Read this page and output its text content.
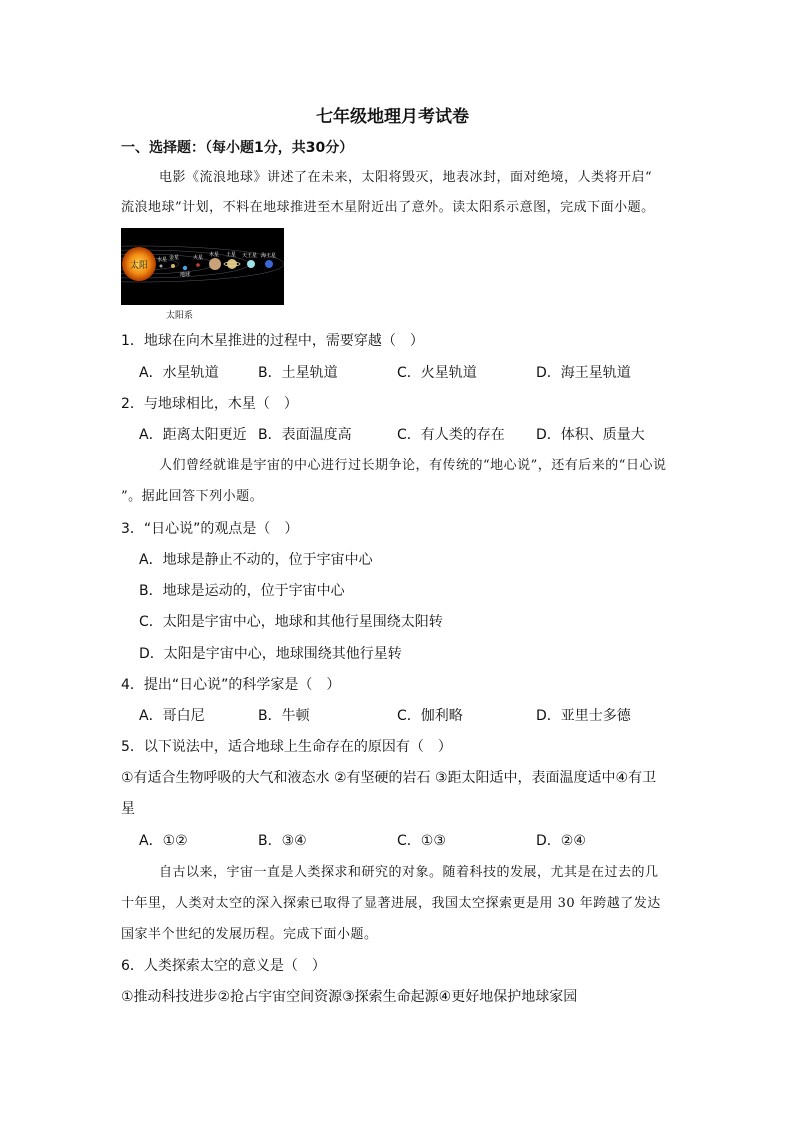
七年级地理月考试卷
一、选择题：（每小题1分，共30分）
电影《流浪地球》讲述了在未来，太阳将毁灭，地表冰封，面对绝境，人类将开启“
流浪地球”计划，不料在地球推进至木星附近出了意外。读太阳系示意图，完成下面小题。
太阳
水星 金星
地球
火星 木星 土星 天王星 海王星
太阳系
1．地球在向木星推进的过程中，需要穿越（　）
A．水星轨道	B．土星轨道	C．火星轨道	D．海王星轨道
2．与地球相比，木星（　）
A．距离太阳更近 B．表面温度高	C．有人类的存在 D．体积、质量大
人们曾经就谁是宇宙的中心进行过长期争论，有传统的“地心说”，还有后来的“日心说
”。据此回答下列小题。
3．“日心说”的观点是（　）
A．地球是静止不动的，位于宇宙中心
B．地球是运动的，位于宇宙中心
C．太阳是宇宙中心，地球和其他行星围绕太阳转
D．太阳是宇宙中心，地球围绕其他行星转
4．提出“日心说”的科学家是（　）
A．哥白尼	B．牛顿	C．伽利略	D．亚里士多德
5．以下说法中，适合地球上生命存在的原因有（　）
①有适合生物呼吸的大气和液态水 ②有坚硬的岩石 ③距太阳适中，表面温度适中④有卫
星
A．①②	B．③④	C．①③	D．②④
自古以来，宇宙一直是人类探求和研究的对象。随着科技的发展，尤其是在过去的几
十年里，人类对太空的深入探索已取得了显著进展，我国太空探索更是用 30 年跨越了发达
国家半个世纪的发展历程。完成下面小题。
6．人类探索太空的意义是（　）
①推动科技进步②抢占宇宙空间资源③探索生命起源④更好地保护地球家园
